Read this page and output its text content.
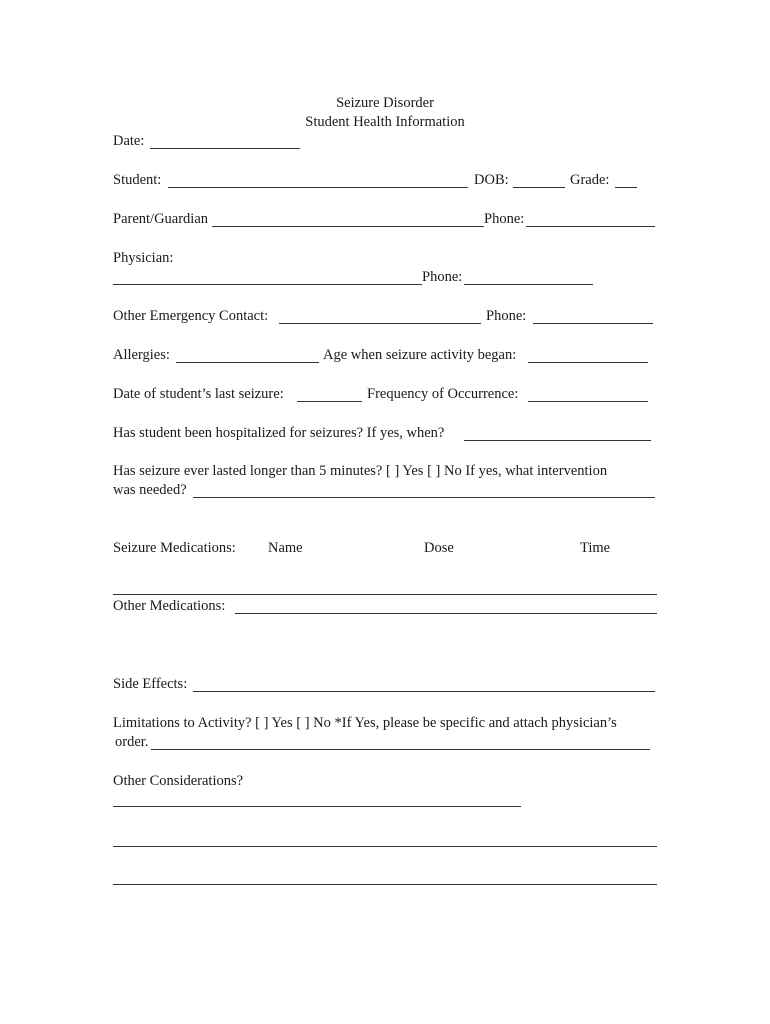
Seizure Disorder
Student Health Information
Date:
Student:	DOB:	Grade:
Parent/Guardian	Phone:
Physician:
Phone:
Other Emergency Contact:	Phone:
Allergies:	Age when seizure activity began:
Date of student’s last seizure:	Frequency of Occurrence:
Has student been hospitalized for seizures? If yes, when?
Has seizure ever lasted longer than 5 minutes? [ ] Yes [ ] No If yes, what intervention
was needed?
Seizure Medications: Name	Dose	Time
Other Medications:
Side Effects:
Limitations to Activity? [ ] Yes [ ] No *If Yes, please be specific and attach physician’s
order.
Other Considerations?
